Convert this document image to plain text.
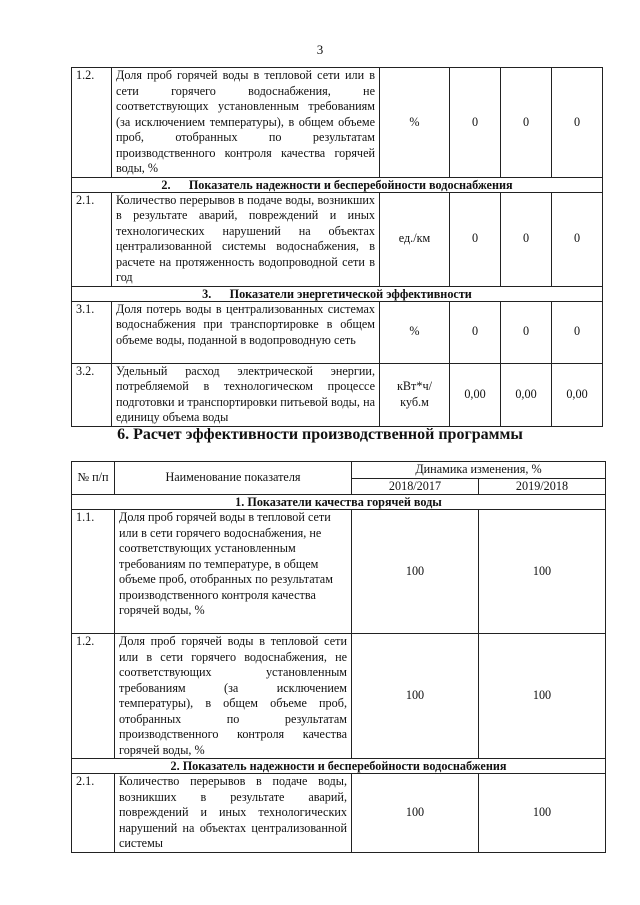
3
1.2.	Доля проб горячей воды в тепловой сети или в сети горячего водоснабжения, не соответствующих установленным требованиям (за исключением температуры), в общем объеме проб, отобранных по результатам производственного контроля качества горячей воды, %	%	0	0	0
2. Показатель надежности и бесперебойности водоснабжения					
2.1.	Количество перерывов в подаче воды, возникших в результате аварий, повреждений и иных технологических нарушений на объектах централизованной системы водоснабжения, в расчете на протяженность водопроводной сети в год	ед./км	0	0	0
3. Показатели энергетической эффективности					
3.1.	Доля потерь воды в централизованных системах водоснабжения при транспортировке в общем объеме воды, поданной в водопроводную сеть	%	0	0	0
3.2.	Удельный расход электрической энергии, потребляемой в технологическом процессе подготовки и транспортировки питьевой воды, на единицу объема воды	кВт*ч/ куб.м	0,00	0,00	0,00
6. Расчет эффективности производственной программы
№ п/п	Наименование показателя	Динамика изменения, %	
		2018/2017	2019/2018
1. Показатели качества горячей воды			
1.1.	Доля проб горячей воды в тепловой сети или в сети горячего водоснабжения, не соответствующих установленным требованиям по температуре, в общем объеме проб, отобранных по результатам производственного контроля качества горячей воды, %	100	100
1.2.	Доля проб горячей воды в тепловой сети или в сети горячего водоснабжения, не соответствующих установленным требованиям (за исключением температуры), в общем объеме проб, отобранных по результатам производственного контроля качества горячей воды, %	100	100
2. Показатель надежности и бесперебойности водоснабжения			
2.1.	Количество перерывов в подаче воды, возникших в результате аварий, повреждений и иных технологических нарушений на объектах централизованной системы	100	100
